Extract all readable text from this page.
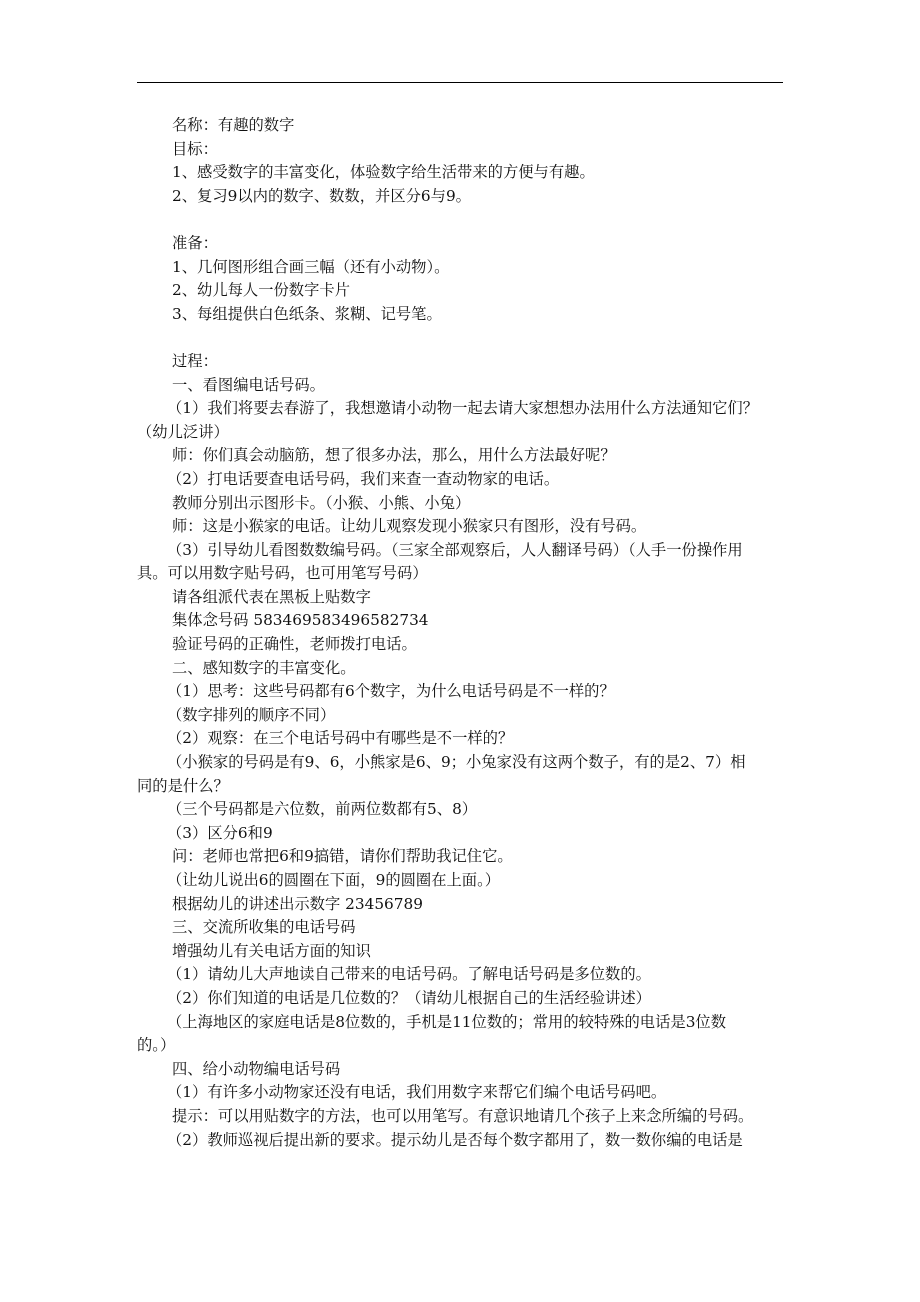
名称：有趣的数字

目标：

1、感受数字的丰富变化，体验数字给生活带来的方便与有趣。

2、复习9以内的数字、数数，并区分6与9。

准备：

1、几何图形组合画三幅（还有小动物）。

2、幼儿每人一份数字卡片

3、每组提供白色纸条、浆糊、记号笔。

过程：

一、看图编电话号码。

（1）我们将要去春游了，我想邀请小动物一起去请大家想想办法用什么方法通知它们？

（幼儿泛讲）

师：你们真会动脑筋，想了很多办法，那么，用什么方法最好呢？

（2）打电话要查电话号码，我们来查一查动物家的电话。

教师分别出示图形卡。（小猴、小熊、小兔）

师：这是小猴家的电话。让幼儿观察发现小猴家只有图形，没有号码。

（3）引导幼儿看图数数编号码。（三家全部观察后，人人翻译号码）（人手一份操作用

具。可以用数字贴号码，也可用笔写号码）

请各组派代表在黑板上贴数字

集体念号码 583469583496582734

验证号码的正确性，老师拨打电话。

二、感知数字的丰富变化。

（1）思考：这些号码都有6个数字，为什么电话号码是不一样的？

（数字排列的顺序不同）

（2）观察：在三个电话号码中有哪些是不一样的？

（小猴家的号码是有9、6，小熊家是6、9；小兔家没有这两个数子，有的是2、7）相

同的是什么？

（三个号码都是六位数，前两位数都有5、8）

（3）区分6和9

问：老师也常把6和9搞错，请你们帮助我记住它。

（让幼儿说出6的圆圈在下面，9的圆圈在上面。）

根据幼儿的讲述出示数字 23456789

三、交流所收集的电话号码

增强幼儿有关电话方面的知识

（1）请幼儿大声地读自己带来的电话号码。了解电话号码是多位数的。

（2）你们知道的电话是几位数的？（请幼儿根据自己的生活经验讲述）

（上海地区的家庭电话是8位数的，手机是11位数的；常用的较特殊的电话是3位数

的。）

四、给小动物编电话号码

（1）有许多小动物家还没有电话，我们用数字来帮它们编个电话号码吧。

提示：可以用贴数字的方法，也可以用笔写。有意识地请几个孩子上来念所编的号码。

（2）教师巡视后提出新的要求。提示幼儿是否每个数字都用了，数一数你编的电话是
